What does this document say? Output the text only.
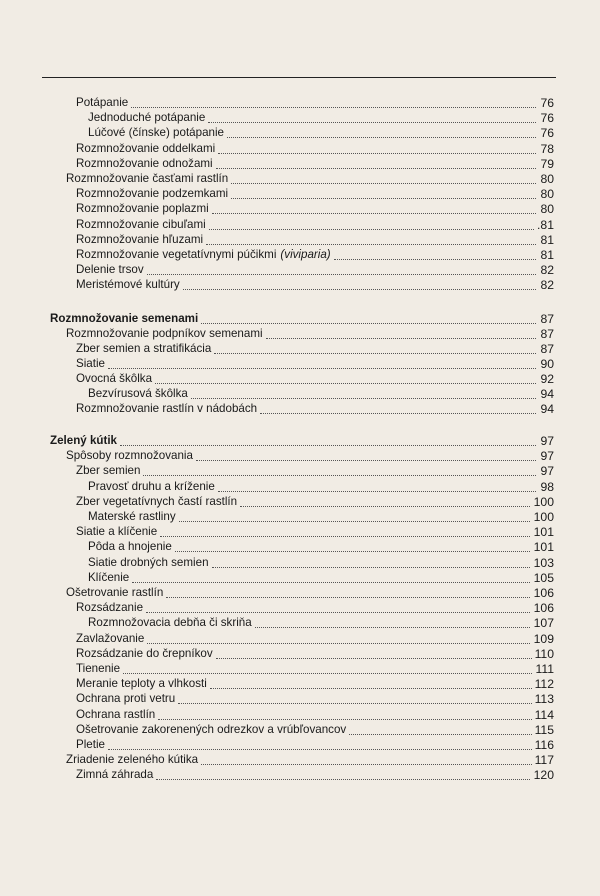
Potápanie	76
Jednoduché potápanie	76
Lúčové (čínske) potápanie	76
Rozmnožovanie oddelkami	78
Rozmnožovanie odnožami	79
Rozmnožovanie časťami rastlín	80
Rozmnožovanie podzemkami	80
Rozmnožovanie poplazmi	80
Rozmnožovanie cibuľami	.81
Rozmnožovanie hľuzami	81
Rozmnožovanie vegetatívnymi púčikmi (viviparia)	81
Delenie trsov	82
Meristémové kultúry	82
Rozmnožovanie semenami	87
Rozmnožovanie podpníkov semenami	87
Zber semien a stratifikácia	87
Siatie	90
Ovocná škôlka	92
Bezvírusová škôlka	94
Rozmnožovanie rastlín v nádobách	94
Zelený kútik	97
Spôsoby rozmnožovania	97
Zber semien	97
Pravosť druhu a kríženie	98
Zber vegetatívnych častí rastlín	100
Materské rastliny	100
Siatie a klíčenie	101
Pôda a hnojenie	101
Siatie drobných semien	103
Klíčenie	105
Ošetrovanie rastlín	106
Rozsádzanie	106
Rozmnožovacia debňa či skriňa	107
Zavlažovanie	109
Rozsádzanie do črepníkov	110
Tienenie	111
Meranie teploty a vlhkosti	112
Ochrana proti vetru	113
Ochrana rastlín	114
Ošetrovanie zakorenených odrezkov a vrúbľovancov	115
Pletie	116
Zriadenie zeleného kútika	117
Zimná záhrada	120
